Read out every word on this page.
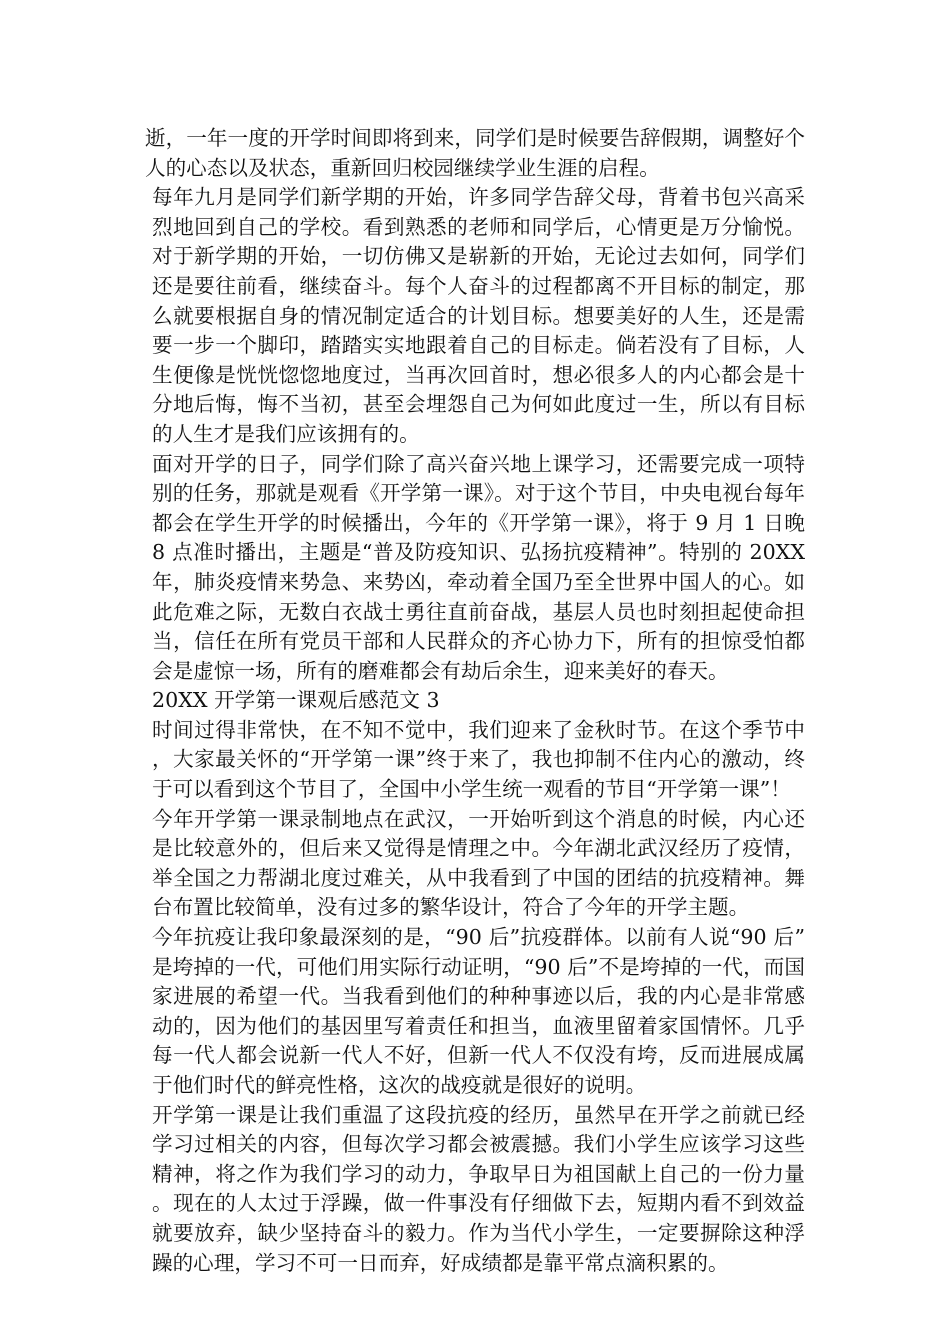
逝，一年一度的开学时间即将到来，同学们是时候要告辞假期，调整好个人的心态以及状态，重新回归校园继续学业生涯的启程。

每年九月是同学们新学期的开始，许多同学告辞父母，背着书包兴高采烈地回到自己的学校。看到熟悉的老师和同学后，心情更是万分愉悦。对于新学期的开始，一切仿佛又是崭新的开始，无论过去如何，同学们还是要往前看，继续奋斗。每个人奋斗的过程都离不开目标的制定，那么就要根据自身的情况制定适合的计划目标。想要美好的人生，还是需要一步一个脚印，踏踏实实地跟着自己的目标走。倘若没有了目标，人生便像是恍恍惚惚地度过，当再次回首时，想必很多人的内心都会是十分地后悔，悔不当初，甚至会埋怨自己为何如此度过一生，所以有目标的人生才是我们应该拥有的。

面对开学的日子，同学们除了高兴奋兴地上课学习，还需要完成一项特别的任务，那就是观看《开学第一课》。对于这个节目，中央电视台每年都会在学生开学的时候播出，今年的《开学第一课》，将于 9 月 1 日晚 8 点准时播出，主题是“普及防疫知识、弘扬抗疫精神”。特别的 20XX 年，肺炎疫情来势急、来势凶，牵动着全国乃至全世界中国人的心。如此危难之际，无数白衣战士勇往直前奋战，基层人员也时刻担起使命担当，信任在所有党员干部和人民群众的齐心协力下，所有的担惊受怕都会是虚惊一场，所有的磨难都会有劫后余生，迎来美好的春天。

20XX 开学第一课观后感范文 3

时间过得非常快，在不知不觉中，我们迎来了金秋时节。在这个季节中，大家最关怀的“开学第一课”终于来了，我也抑制不住内心的激动，终于可以看到这个节目了，全国中小学生统一观看的节目“开学第一课”！

今年开学第一课录制地点在武汉，一开始听到这个消息的时候，内心还是比较意外的，但后来又觉得是情理之中。今年湖北武汉经历了疫情，举全国之力帮湖北度过难关，从中我看到了中国的团结的抗疫精神。舞台布置比较简单，没有过多的繁华设计，符合了今年的开学主题。

今年抗疫让我印象最深刻的是，“90 后”抗疫群体。以前有人说“90 后”是垮掉的一代，可他们用实际行动证明，“90 后”不是垮掉的一代，而国家进展的希望一代。当我看到他们的种种事迹以后，我的内心是非常感动的，因为他们的基因里写着责任和担当，血液里留着家国情怀。几乎每一代人都会说新一代人不好，但新一代人不仅没有垮，反而进展成属于他们时代的鲜亮性格，这次的战疫就是很好的说明。

开学第一课是让我们重温了这段抗疫的经历，虽然早在开学之前就已经学习过相关的内容，但每次学习都会被震撼。我们小学生应该学习这些精神，将之作为我们学习的动力，争取早日为祖国献上自己的一份力量。现在的人太过于浮躁，做一件事没有仔细做下去，短期内看不到效益就要放弃，缺少坚持奋斗的毅力。作为当代小学生，一定要摒除这种浮躁的心理，学习不可一日而弃，好成绩都是靠平常点滴积累的。
